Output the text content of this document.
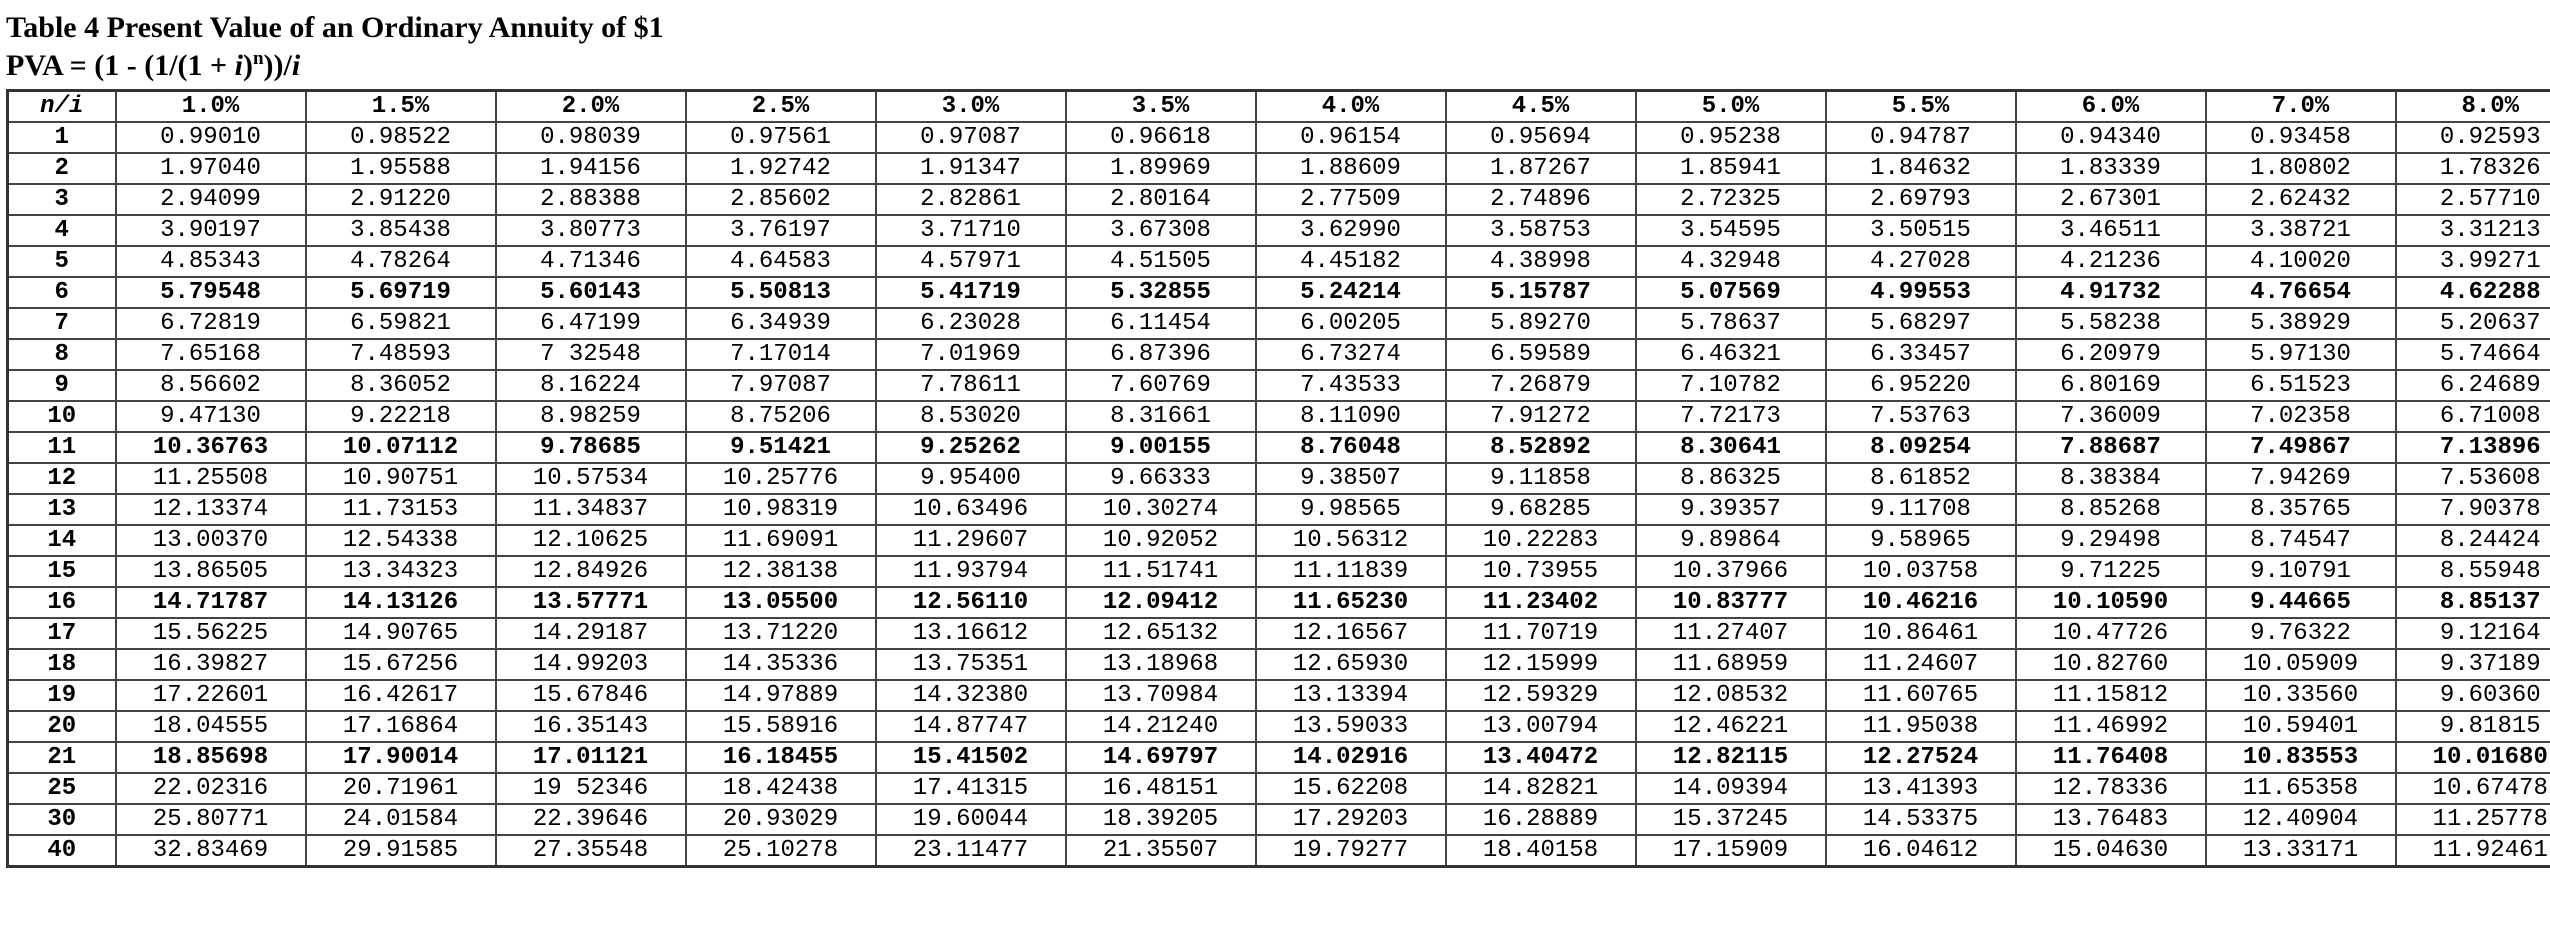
Table 4 Present Value of an Ordinary Annuity of $1
PVA = $(1 - (1/(1 + i)^n))/i$
n/i	1.0%	1.5%	2.0%	2.5%	3.0%	3.5%	4.0%	4.5%	5.0%	5.5%	6.0%	7.0%	8.0%
1	0.99010	0.98522	0.98039	0.97561	0.97087	0.96618	0.96154	0.95694	0.95238	0.94787	0.94340	0.93458	0.92593
2	1.97040	1.95588	1.94156	1.92742	1.91347	1.89969	1.88609	1.87267	1.85941	1.84632	1.83339	1.80802	1.78326
3	2.94099	2.91220	2.88388	2.85602	2.82861	2.80164	2.77509	2.74896	2.72325	2.69793	2.67301	2.62432	2.57710
4	3.90197	3.85438	3.80773	3.76197	3.71710	3.67308	3.62990	3.58753	3.54595	3.50515	3.46511	3.38721	3.31213
5	4.85343	4.78264	4.71346	4.64583	4.57971	4.51505	4.45182	4.38998	4.32948	4.27028	4.21236	4.10020	3.99271
6	5.79548	5.69719	5.60143	5.50813	5.41719	5.32855	5.24214	5.15787	5.07569	4.99553	4.91732	4.76654	4.62288
7	6.72819	6.59821	6.47199	6.34939	6.23028	6.11454	6.00205	5.89270	5.78637	5.68297	5.58238	5.38929	5.20637
8	7.65168	7.48593	7 32548	7.17014	7.01969	6.87396	6.73274	6.59589	6.46321	6.33457	6.20979	5.97130	5.74664
9	8.56602	8.36052	8.16224	7.97087	7.78611	7.60769	7.43533	7.26879	7.10782	6.95220	6.80169	6.51523	6.24689
10	9.47130	9.22218	8.98259	8.75206	8.53020	8.31661	8.11090	7.91272	7.72173	7.53763	7.36009	7.02358	6.71008
11	10.36763	10.07112	9.78685	9.51421	9.25262	9.00155	8.76048	8.52892	8.30641	8.09254	7.88687	7.49867	7.13896
12	11.25508	10.90751	10.57534	10.25776	9.95400	9.66333	9.38507	9.11858	8.86325	8.61852	8.38384	7.94269	7.53608
13	12.13374	11.73153	11.34837	10.98319	10.63496	10.30274	9.98565	9.68285	9.39357	9.11708	8.85268	8.35765	7.90378
14	13.00370	12.54338	12.10625	11.69091	11.29607	10.92052	10.56312	10.22283	9.89864	9.58965	9.29498	8.74547	8.24424
15	13.86505	13.34323	12.84926	12.38138	11.93794	11.51741	11.11839	10.73955	10.37966	10.03758	9.71225	9.10791	8.55948
16	14.71787	14.13126	13.57771	13.05500	12.56110	12.09412	11.65230	11.23402	10.83777	10.46216	10.10590	9.44665	8.85137
17	15.56225	14.90765	14.29187	13.71220	13.16612	12.65132	12.16567	11.70719	11.27407	10.86461	10.47726	9.76322	9.12164
18	16.39827	15.67256	14.99203	14.35336	13.75351	13.18968	12.65930	12.15999	11.68959	11.24607	10.82760	10.05909	9.37189
19	17.22601	16.42617	15.67846	14.97889	14.32380	13.70984	13.13394	12.59329	12.08532	11.60765	11.15812	10.33560	9.60360
20	18.04555	17.16864	16.35143	15.58916	14.87747	14.21240	13.59033	13.00794	12.46221	11.95038	11.46992	10.59401	9.81815
21	18.85698	17.90014	17.01121	16.18455	15.41502	14.69797	14.02916	13.40472	12.82115	12.27524	11.76408	10.83553	10.01680
25	22.02316	20.71961	19 52346	18.42438	17.41315	16.48151	15.62208	14.82821	14.09394	13.41393	12.78336	11.65358	10.67478
30	25.80771	24.01584	22.39646	20.93029	19.60044	18.39205	17.29203	16.28889	15.37245	14.53375	13.76483	12.40904	11.25778
40	32.83469	29.91585	27.35548	25.10278	23.11477	21.35507	19.79277	18.40158	17.15909	16.04612	15.04630	13.33171	11.92461
